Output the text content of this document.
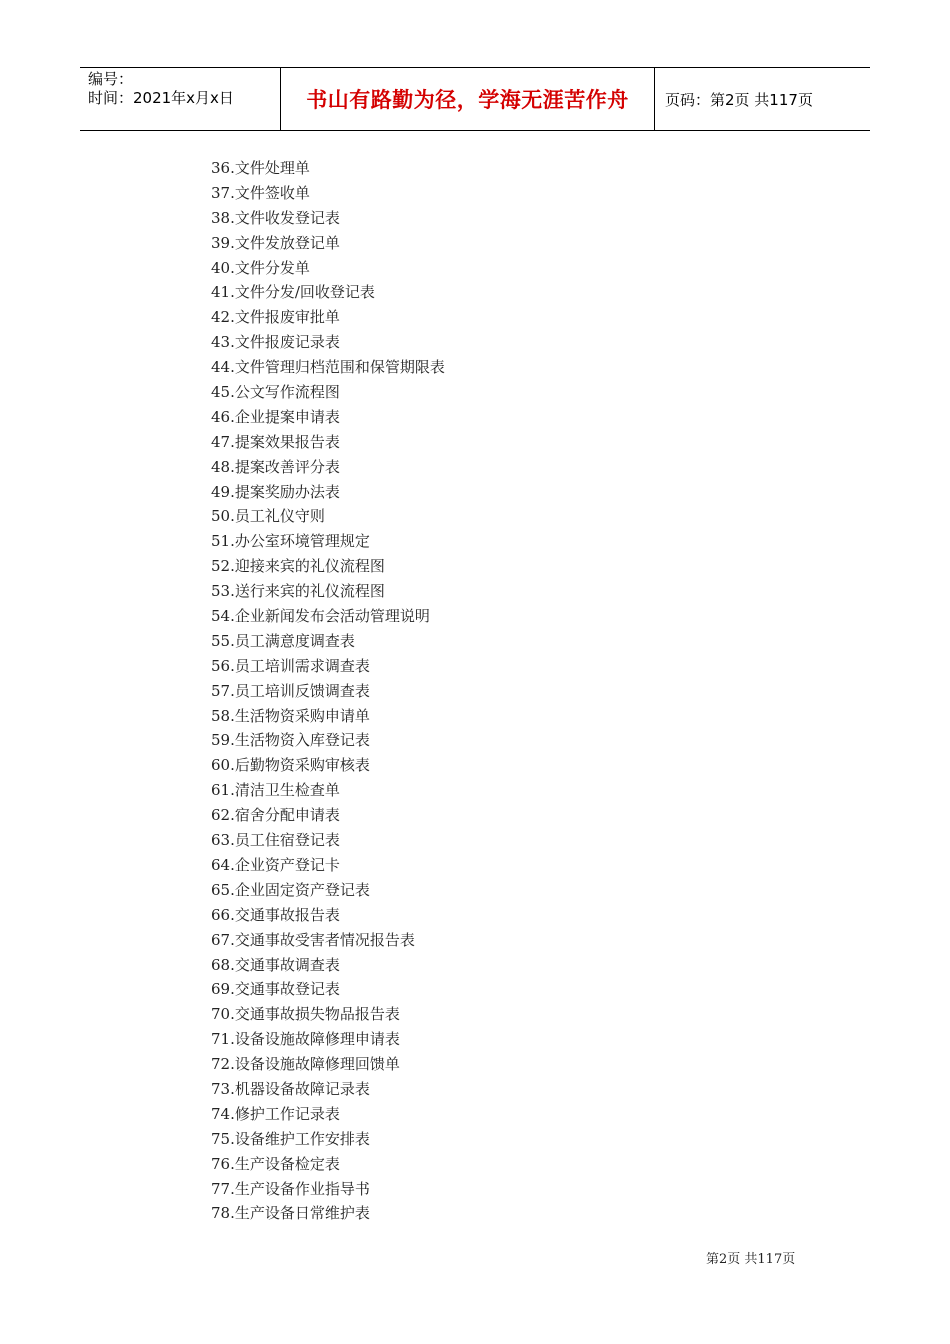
编号：
时间：2021年x月x日	书山有路勤为径，学海无涯苦作舟 页码：第2页 共117页
36.文件处理单
37.文件签收单
38.文件收发登记表
39.文件发放登记单
40.文件分发单
41.文件分发/回收登记表
42.文件报废审批单
43.文件报废记录表
44.文件管理归档范围和保管期限表
45.公文写作流程图
46.企业提案申请表
47.提案效果报告表
48.提案改善评分表
49.提案奖励办法表
50.员工礼仪守则
51.办公室环境管理规定
52.迎接来宾的礼仪流程图
53.送行来宾的礼仪流程图
54.企业新闻发布会活动管理说明
55.员工满意度调查表
56.员工培训需求调查表
57.员工培训反馈调查表
58.生活物资采购申请单
59.生活物资入库登记表
60.后勤物资采购审核表
61.清洁卫生检查单
62.宿舍分配申请表
63.员工住宿登记表
64.企业资产登记卡
65.企业固定资产登记表
66.交通事故报告表
67.交通事故受害者情况报告表
68.交通事故调查表
69.交通事故登记表
70.交通事故损失物品报告表
71.设备设施故障修理申请表
72.设备设施故障修理回馈单
73.机器设备故障记录表
74.修护工作记录表
75.设备维护工作安排表
76.生产设备检定表
77.生产设备作业指导书
78.生产设备日常维护表
第2页 共117页
